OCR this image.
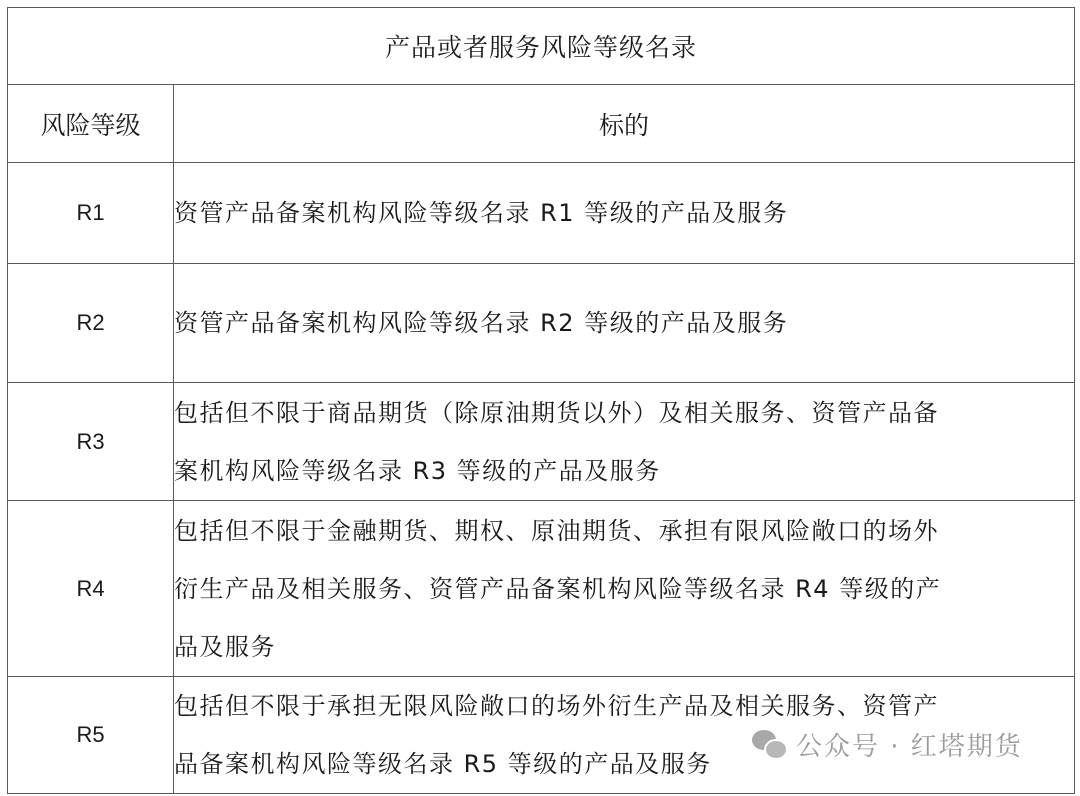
产品或者服务风险等级名录	
风险等级	标的
R1	资管产品备案机构风险等级名录 R1 等级的产品及服务

R2	资管产品备案机构风险等级名录 R2 等级的产品及服务

R3	包括但不限于商品期货（除原油期货以外）及相关服务、资管产品备
案机构风险等级名录 R3 等级的产品及服务

R4	包括但不限于金融期货、期权、原油期货、承担有限风险敞口的场外
衍生产品及相关服务、资管产品备案机构风险等级名录 R4 等级的产
品及服务

R5	包括但不限于承担无限风险敞口的场外衍生产品及相关服务、资管产
品备案机构风险等级名录 R5 等级的产品及服务
公众号 · 红塔期货
